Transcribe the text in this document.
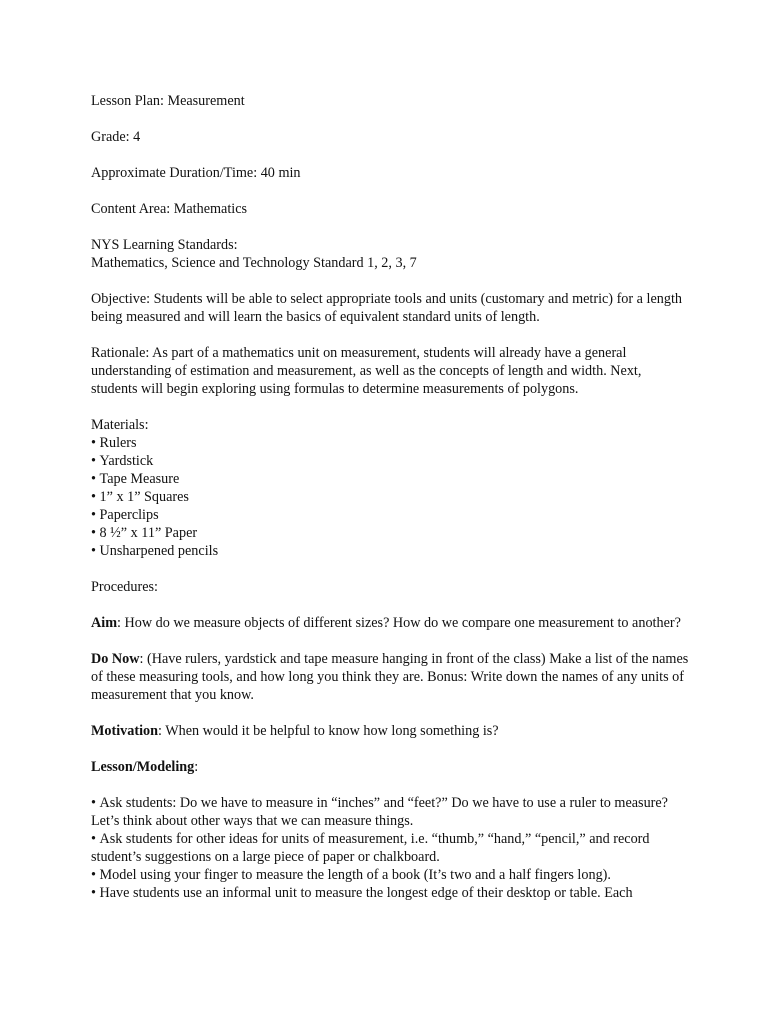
Lesson Plan: Measurement

Grade: 4

Approximate Duration/Time: 40 min

Content Area: Mathematics

NYS Learning Standards:

Mathematics, Science and Technology Standard 1, 2, 3, 7

Objective: Students will be able to select appropriate tools and units (customary and metric) for a length being measured and will learn the basics of equivalent standard units of length.

Rationale: As part of a mathematics unit on measurement, students will already have a general understanding of estimation and measurement, as well as the concepts of length and width. Next, students will begin exploring using formulas to determine measurements of polygons.

Materials:

• Rulers
• Yardstick
• Tape Measure
• 1” x 1” Squares
• Paperclips
• 8 ½” x 11” Paper
• Unsharpened pencils

Procedures:

Aim: How do we measure objects of different sizes? How do we compare one measurement to another?

Do Now: (Have rulers, yardstick and tape measure hanging in front of the class) Make a list of the names of these measuring tools, and how long you think they are. Bonus: Write down the names of any units of measurement that you know.

Motivation: When would it be helpful to know how long something is?

Lesson/Modeling:

• Ask students: Do we have to measure in “inches” and “feet?” Do we have to use a ruler to measure? Let’s think about other ways that we can measure things.
• Ask students for other ideas for units of measurement, i.e. “thumb,” “hand,” “pencil,” and record student’s suggestions on a large piece of paper or chalkboard.
• Model using your finger to measure the length of a book (It’s two and a half fingers long).
• Have students use an informal unit to measure the longest edge of their desktop or table. Each
